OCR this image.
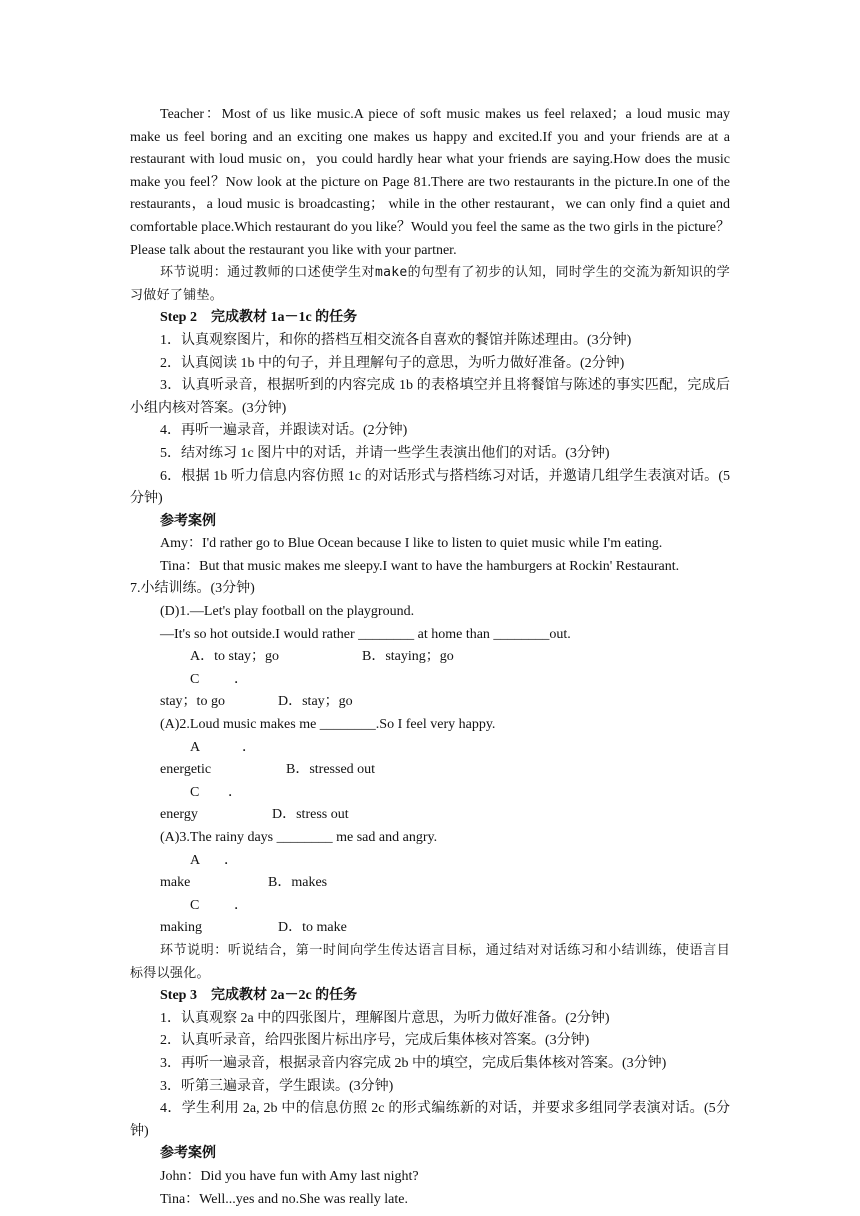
Teacher：Most of us like music.A piece of soft music makes us feel relaxed；a loud music may make us feel boring and an exciting one makes us happy and excited.If you and your friends are at a restaurant with loud music on，you could hardly hear what your friends are saying.How does the music make you feel？Now look at the picture on Page 81.There are two restaurants in the picture.In one of the restaurants，a loud music is broadcasting； while in the other restaurant，we can only find a quiet and comfortable place.Which restaurant do you like？Would you feel the same as the two girls in the picture？Please talk about the restaurant you like with your partner.

环节说明：通过教师的口述使学生对make的句型有了初步的认知，同时学生的交流为新知识的学习做好了铺垫。

Step 2　完成教材 1a－1c 的任务

1．认真观察图片，和你的搭档互相交流各自喜欢的餐馆并陈述理由。(3分钟)

2．认真阅读 1b 中的句子，并且理解句子的意思，为听力做好准备。(2分钟)

3．认真听录音，根据听到的内容完成 1b 的表格填空并且将餐馆与陈述的事实匹配，完成后小组内核对答案。(3分钟)

4．再听一遍录音，并跟读对话。(2分钟)

5．结对练习 1c 图片中的对话，并请一些学生表演出他们的对话。(3分钟)

6．根据 1b 听力信息内容仿照 1c 的对话形式与搭档练习对话，并邀请几组学生表演对话。(5分钟)

参考案例

Amy：I'd rather go to Blue Ocean because I like to listen to quiet music while I'm eating.

Tina：But that music makes me sleepy.I want to have the hamburgers at Rockin' Restaurant.

7.小结训练。(3分钟)

(D)1.—Let's play football on the playground.

—It's so hot outside.I would rather ________ at home than ________out.

A．to stay；go	B．staying；go

C．stay；to go	D．stay；go

(A)2.Loud music makes me ________.So I feel very happy.

A．energetic	B．stressed out

C．energy	D．stress out

(A)3.The rainy days ________ me sad and angry.

A．make	B．makes

C．making	D．to make

环节说明：听说结合，第一时间向学生传达语言目标，通过结对对话练习和小结训练，使语言目标得以强化。

Step 3　完成教材 2a－2c 的任务

1．认真观察 2a 中的四张图片，理解图片意思，为听力做好准备。(2分钟)

2．认真听录音，给四张图片标出序号，完成后集体核对答案。(3分钟)

3．再听一遍录音，根据录音内容完成 2b 中的填空，完成后集体核对答案。(3分钟)

3．听第三遍录音，学生跟读。(3分钟)

4．学生利用 2a, 2b 中的信息仿照 2c 的形式编练新的对话，并要求多组同学表演对话。(5分钟)

参考案例

John：Did you have fun with Amy last night?

Tina：Well...yes and no.She was really late.
